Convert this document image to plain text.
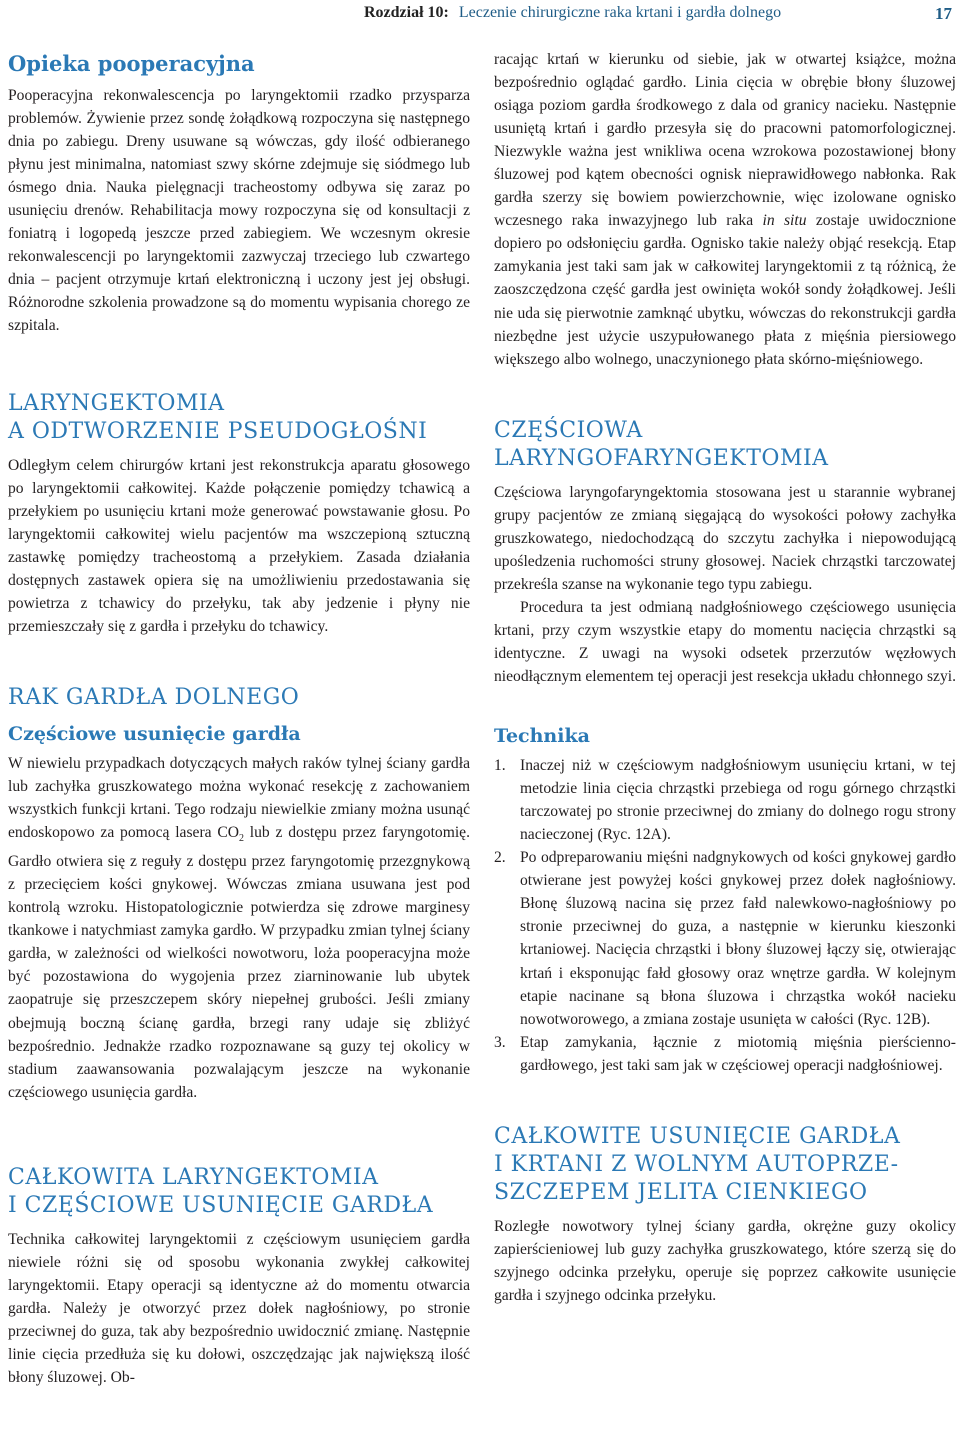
Rozdział 10: Leczenie chirurgiczne raka krtani i gardła dolnego	17
Opieka pooperacyjna

Pooperacyjna rekonwalescencja po laryngektomii rzadko przysparza problemów. Żywienie przez sondę żołądkową rozpoczyna się następnego dnia po zabiegu. Dreny usuwane są wówczas, gdy ilość odbieranego płynu jest minimalna, natomiast szwy skórne zdejmuje się siódmego lub ósmego dnia. Nauka pielęgnacji tracheostomy odbywa się zaraz po usunięciu drenów. Rehabilitacja mowy rozpoczyna się od konsultacji z foniatrą i logopedą jeszcze przed zabiegiem. We wczesnym okresie rekonwalescencji po laryngektomii zazwyczaj trzeciego lub czwartego dnia – pacjent otrzymuje krtań elektroniczną i uczony jest jej obsługi. Różnorodne szkolenia prowadzone są do momentu wypisania chorego ze szpitala.

LARYNGEKTOMIA
A ODTWORZENIE PSEUDOGŁOŚNI

Odległym celem chirurgów krtani jest rekonstrukcja aparatu głosowego po laryngektomii całkowitej. Każde połączenie pomiędzy tchawicą a przełykiem po usunięciu krtani może generować powstawanie głosu. Po laryngektomii całkowitej wielu pacjentów ma wszczepioną sztuczną zastawkę pomiędzy tracheostomą a przełykiem. Zasada działania dostępnych zastawek opiera się na umożliwieniu przedostawania się powietrza z tchawicy do przełyku, tak aby jedzenie i płyny nie przemieszczały się z gardła i przełyku do tchawicy.

RAK GARDŁA DOLNEGO
Częściowe usunięcie gardła

W niewielu przypadkach dotyczących małych raków tylnej ściany gardła lub zachyłka gruszkowatego można wykonać resekcję z zachowaniem wszystkich funkcji krtani. Tego rodzaju niewielkie zmiany można usunąć endoskopowo za pomocą lasera $CO_2$ lub z dostępu przez faryngotomię. Gardło otwiera się z reguły z dostępu przez faryngotomię przezgnykową z przecięciem kości gnykowej. Wówczas zmiana usuwana jest pod kontrolą wzroku. Histopatologicznie potwierdza się zdrowe marginesy tkankowe i natychmiast zamyka gardło. W przypadku zmian tylnej ściany gardła, w zależności od wielkości nowotworu, loża pooperacyjna może być pozostawiona do wygojenia przez ziarninowanie lub ubytek zaopatruje się przeszczepem skóry niepełnej grubości. Jeśli zmiany obejmują boczną ścianę gardła, brzegi rany udaje się zbliżyć bezpośrednio. Jednakże rzadko rozpoznawane są guzy tej okolicy w stadium zaawansowania pozwalającym jeszcze na wykonanie częściowego usunięcia gardła.

CAŁKOWITA LARYNGEKTOMIA
I CZĘŚCIOWE USUNIĘCIE GARDŁA

Technika całkowitej laryngektomii z częściowym usunięciem gardła niewiele różni się od sposobu wykonania zwykłej całkowitej laryngektomii. Etapy operacji są identyczne aż do momentu otwarcia gardła. Należy je otworzyć przez dołek nagłośniowy, po stronie przeciwnej do guza, tak aby bezpośrednio uwidocznić zmianę. Następnie linie cięcia przedłuża się ku dołowi, oszczędzając jak największą ilość błony śluzowej. Ob-

racając krtań w kierunku od siebie, jak w otwartej książce, można bezpośrednio oglądać gardło. Linia cięcia w obrębie błony śluzowej osiąga poziom gardła środkowego z dala od granicy nacieku. Następnie usuniętą krtań i gardło przesyła się do pracowni patomorfologicznej. Niezwykle ważna jest wnikliwa ocena wzrokowa pozostawionej błony śluzowej pod kątem obecności ognisk nieprawidłowego nabłonka. Rak gardła szerzy się bowiem powierzchownie, więc izolowane ognisko wczesnego raka inwazyjnego lub raka in situ zostaje uwidocznione dopiero po odsłonięciu gardła. Ognisko takie należy objąć resekcją. Etap zamykania jest taki sam jak w całkowitej laryngektomii z tą różnicą, że zaoszczędzona część gardła jest owinięta wokół sondy żołądkowej. Jeśli nie uda się pierwotnie zamknąć ubytku, wówczas do rekonstrukcji gardła niezbędne jest użycie uszypułowanego płata z mięśnia piersiowego większego albo wolnego, unaczynionego płata skórno-mięśniowego.

CZĘŚCIOWA
LARYNGOFARYNGEKTOMIA

Częściowa laryngofaryngektomia stosowana jest u starannie wybranej grupy pacjentów ze zmianą sięgającą do wysokości połowy zachyłka gruszkowatego, niedochodzącą do szczytu zachyłka i niepowodującą upośledzenia ruchomości struny głosowej. Naciek chrząstki tarczowatej przekreśla szanse na wykonanie tego typu zabiegu.

Procedura ta jest odmianą nadgłośniowego częściowego usunięcia krtani, przy czym wszystkie etapy do momentu nacięcia chrząstki są identyczne. Z uwagi na wysoki odsetek przerzutów węzłowych nieodłącznym elementem tej operacji jest resekcja układu chłonnego szyi.

Technika
1. Inaczej niż w częściowym nadgłośniowym usunięciu krtani, w tej metodzie linia cięcia chrząstki przebiega od rogu górnego chrząstki tarczowatej po stronie przeciwnej do zmiany do dolnego rogu strony nacieczonej (Ryc. 12A).
2. Po odpreparowaniu mięśni nadgnykowych od kości gnykowej gardło otwierane jest powyżej kości gnykowej przez dołek nagłośniowy. Błonę śluzową nacina się przez fałd nalewkowo-nagłośniowy po stronie przeciwnej do guza, a następnie w kierunku kieszonki krtaniowej. Nacięcia chrząstki i błony śluzowej łączy się, otwierając krtań i eksponując fałd głosowy oraz wnętrze gardła. W kolejnym etapie nacinane są błona śluzowa i chrząstka wokół nacieku nowotworowego, a zmiana zostaje usunięta w całości (Ryc. 12B).
3. Etap zamykania, łącznie z miotomią mięśnia pierścienno-gardłowego, jest taki sam jak w częściowej operacji nadgłośniowej.
CAŁKOWITE USUNIĘCIE GARDŁA
I KRTANI Z WOLNYM AUTOPRZE-
SZCZEPEM JELITA CIENKIEGO

Rozległe nowotwory tylnej ściany gardła, okrężne guzy okolicy zapierścieniowej lub guzy zachyłka gruszkowatego, które szerzą się do szyjnego odcinka przełyku, operuje się poprzez całkowite usunięcie gardła i szyjnego odcinka przełyku.
